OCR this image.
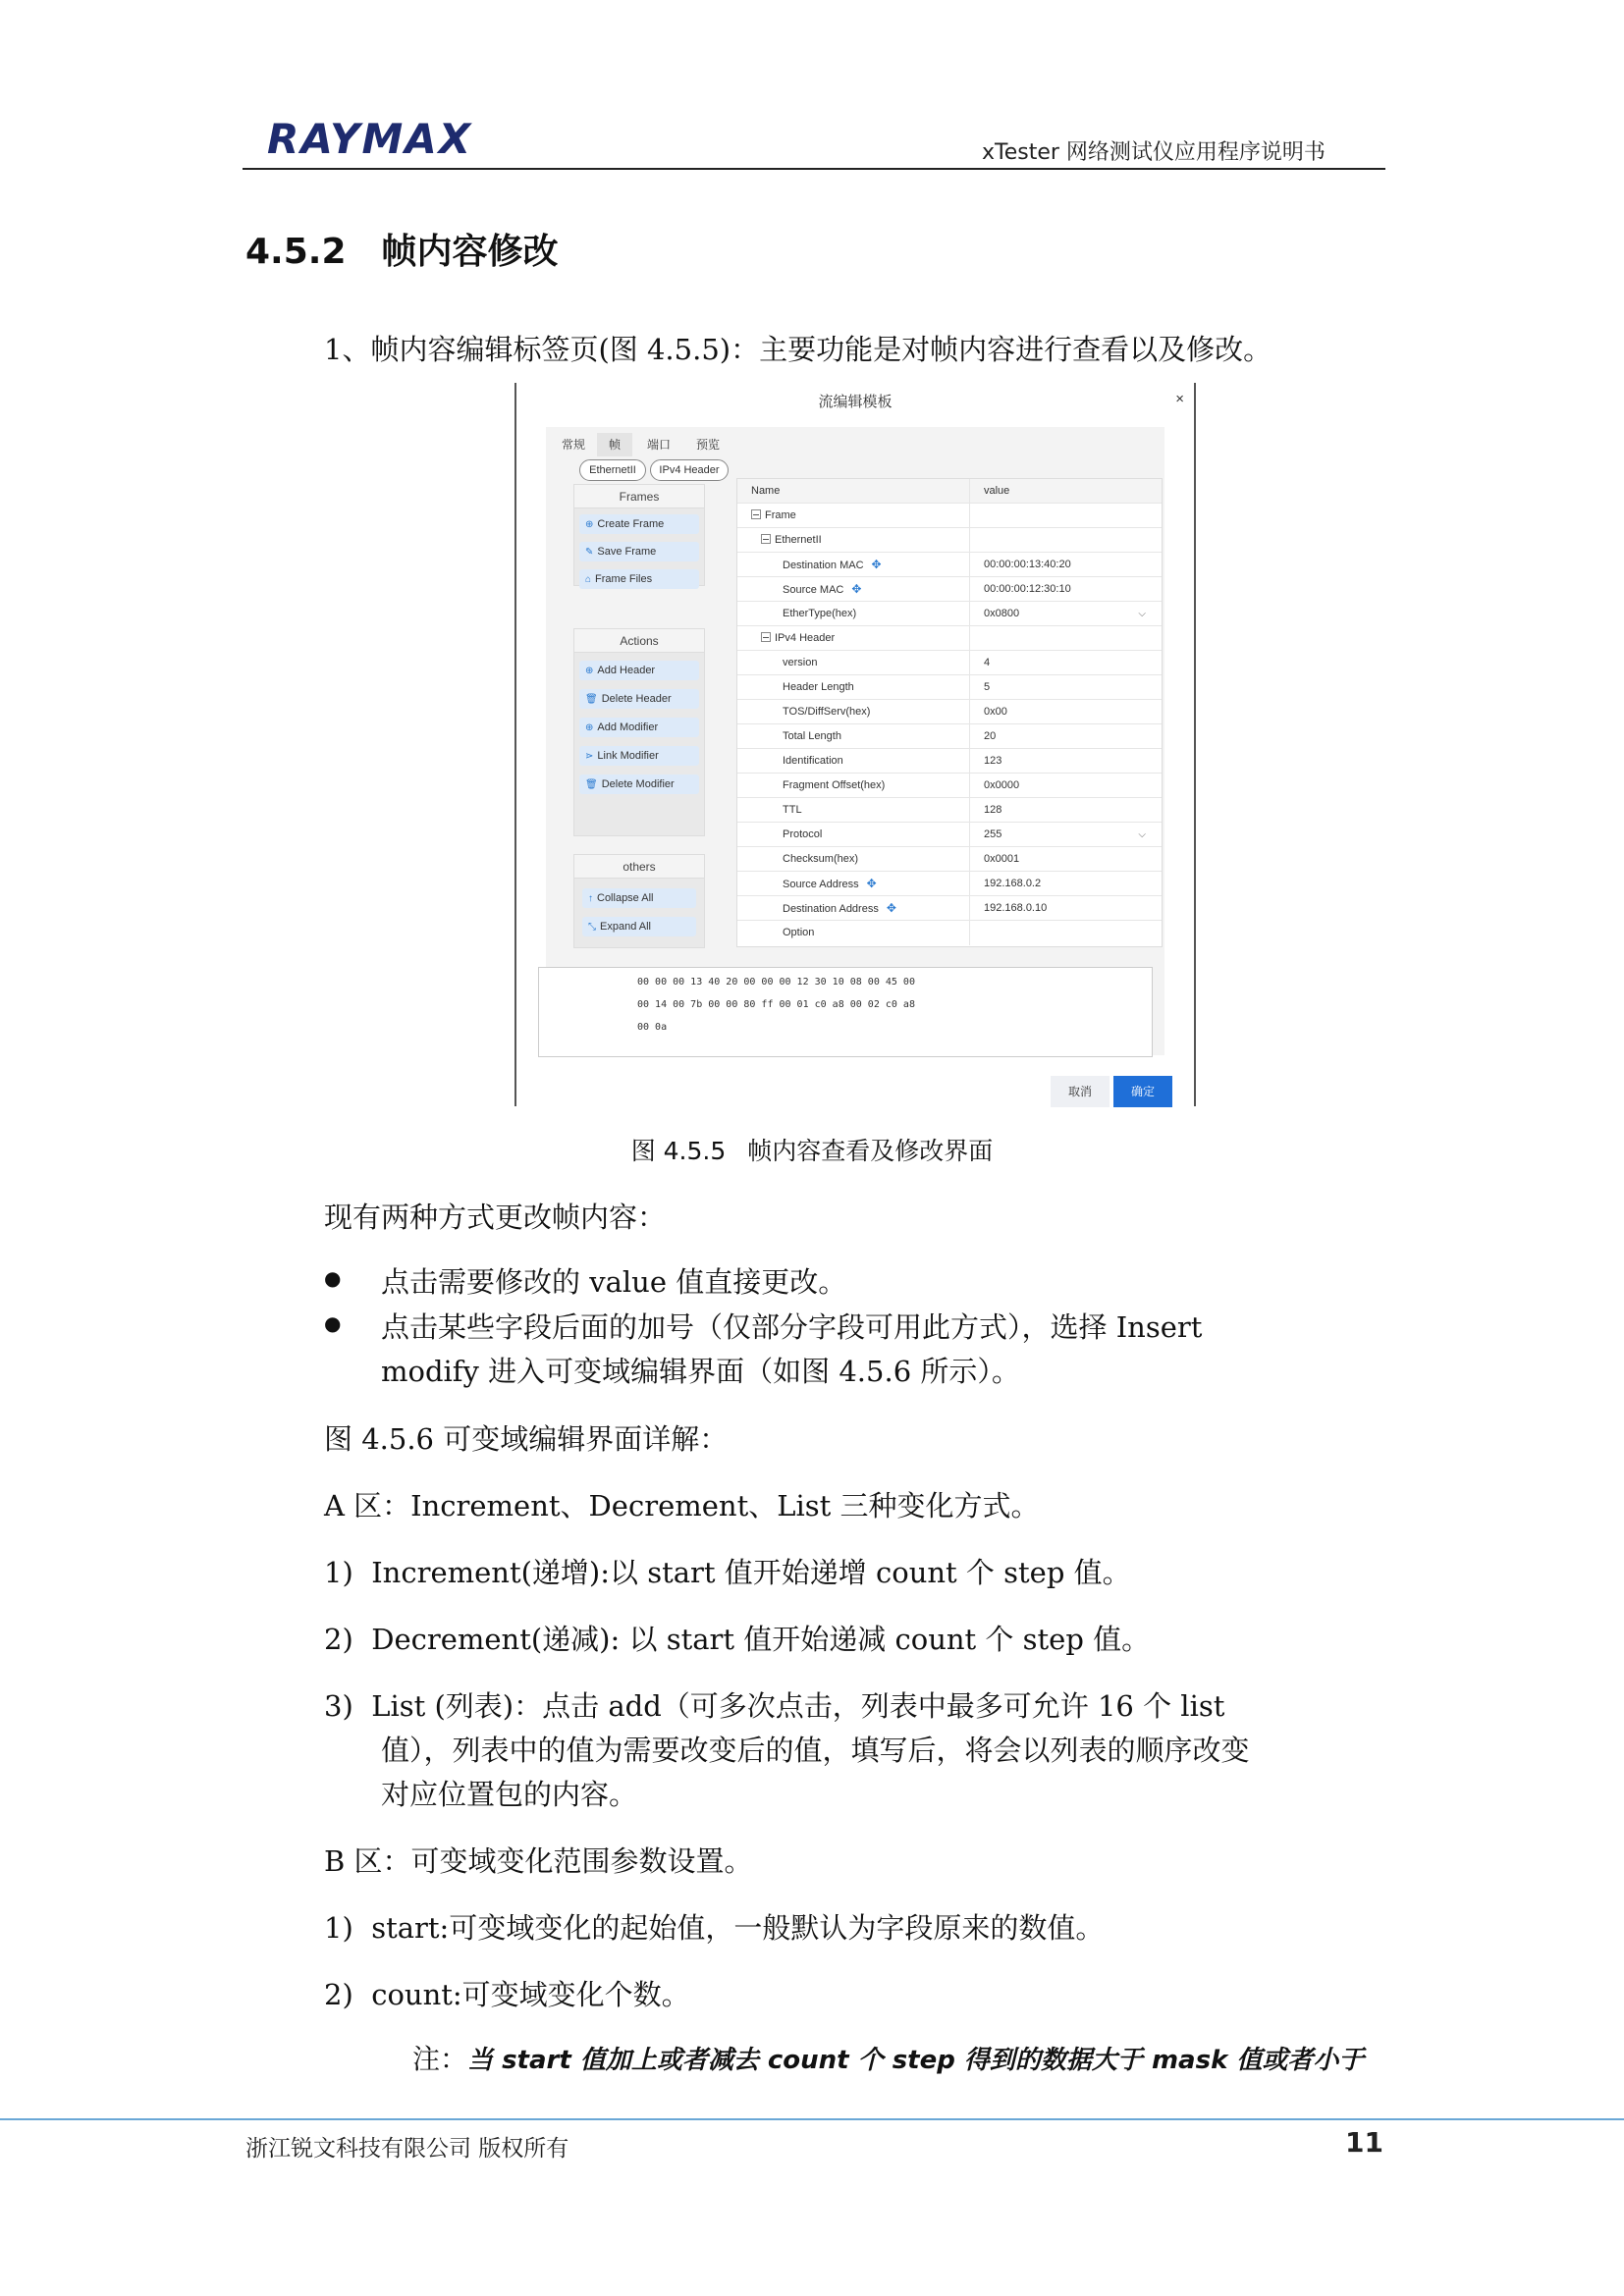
RAYMAX	xTester 网络测试仪应用程序说明书
4.5.2 帧内容修改
1、帧内容编辑标签页(图 4.5.5)：主要功能是对帧内容进行查看以及修改。
流编辑模板	×
常规	帧	端口	预览
EthernetII	IPv4 Header
Frames
⊕ Create Frame
✎ Save Frame
⌂ Frame Files
Actions
⊕ Add Header
🗑 Delete Header
⊕ Add Modifier
⋗ Link Modifier
🗑 Delete Modifier
others
↑ Collapse All
⤡ Expand All
Name	value
Frame
EthernetII
Destination MAC ✥	00:00:00:13:40:20
Source MAC ✥	00:00:00:12:30:10
EtherType(hex)	0x0800	⌵
IPv4 Header
version	4
Header Length	5
TOS/DiffServ(hex)	0x00
Total Length	20
Identification	123
Fragment Offset(hex)	0x0000
TTL	128
Protocol	255	⌵
Checksum(hex)	0x0001
Source Address ✥	192.168.0.2
Destination Address ✥	192.168.0.10
Option
00 00 00 13 40 20 00 00 00 12 30 10 08 00 45 00
00 14 00 7b 00 00 80 ff 00 01 c0 a8 00 02 c0 a8
00 0a
取消	确定
图 4.5.5 帧内容查看及修改界面
现有两种方式更改帧内容：
● 点击需要修改的 value 值直接更改。
● 点击某些字段后面的加号（仅部分字段可用此方式），选择 Insert
modify 进入可变域编辑界面（如图 4.5.6 所示）。
图 4.5.6 可变域编辑界面详解：
A 区：Increment、Decrement、List 三种变化方式。
1)  Increment(递增):以 start 值开始递增 count 个 step 值。
2)  Decrement(递减): 以 start 值开始递减 count 个 step 值。
3)  List (列表)：点击 add（可多次点击，列表中最多可允许 16 个 list
值），列表中的值为需要改变后的值，填写后，将会以列表的顺序改变
对应位置包的内容。
B 区：可变域变化范围参数设置。
1)  start:可变域变化的起始值，一般默认为字段原来的数值。
2)  count:可变域变化个数。
注：当 start 值加上或者减去 count 个 step 得到的数据大于 mask 值或者小于
浙江锐文科技有限公司 版权所有	11
